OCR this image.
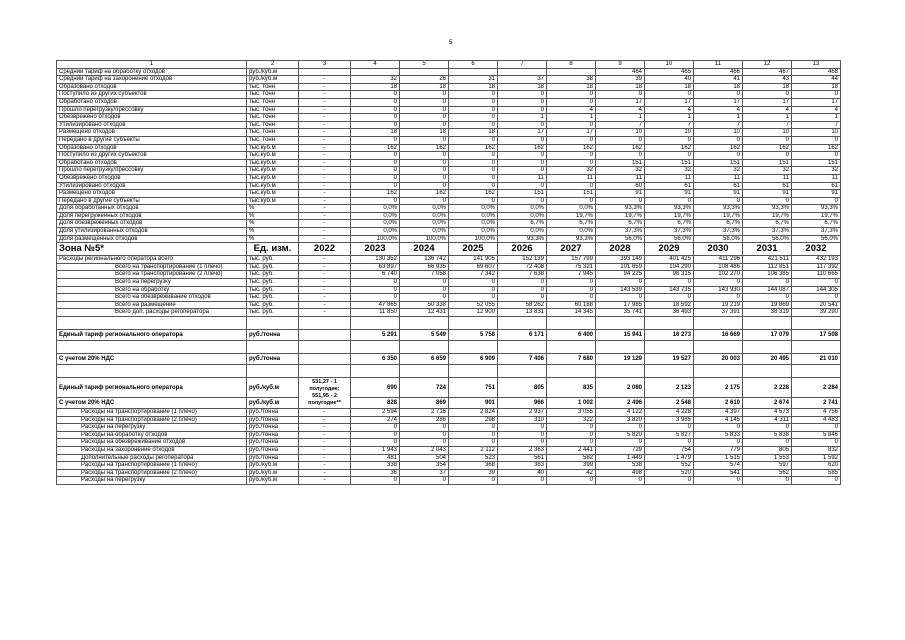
5
1	2	3	4	5	6	7	8	9	10	11	12	13
Средний тариф на обработку отходов	руб./куб.м							464	465	466	467	468
Средний тариф на захоронение отходов	руб./куб.м	-	32	26	31	37	38	39	40	41	43	44
Образовано отходов	тыс. тонн	-	18	18	18	18	18	18	18	18	18	18
Поступило из других субъектов	тыс. тонн	-	0	0	0	0	0	0	0	0	0	0
Обработано отходов	тыс. тонн	-	0	0	0	0	0	17	17	17	17	17
Прошло перегрузку/прессовку	тыс. тонн	-	0	0	0	0	4	4	4	4	4	4
Обезврежено отходов	тыс. тонн	-	0	0	0	1	1	1	1	1	1	1
Утилизировано отходов	тыс. тонн	-	0	0	0	0	0	7	7	7	7	7
Размещено отходов	тыс. тонн	-	18	18	18	17	17	10	10	10	10	10
Передано в другие субъекты	тыс. тонн	-	0	0	0	0	0	0	0	0	0	0
Образовано отходов	тыс.куб.м	-	162	162	162	162	162	162	162	162	162	162
Поступило из других субъектов	тыс.куб.м	-	0	0	0	0	0	0	0	0	0	0
Обработано отходов	тыс.куб.м	-	0	0	0	0	0	151	151	151	151	151
Прошло перегрузку/прессовку	тыс.куб.м	-	0	0	0	0	32	32	32	32	32	32
Обезврежено отходов	тыс.куб.м	-	0	0	0	11	11	11	11	11	11	11
Утилизировано отходов	тыс.куб.м	-	0	0	0	0	0	60	61	61	61	61
Размещено отходов	тыс.куб.м	-	162	162	162	151	151	91	91	91	91	91
Передано в другие субъекты	тыс.куб.м	-	0	0	0	0	0	0	0	0	0	0
Доля обработанных отходов	%	-	0,0%	0,0%	0,0%	0,0%	0,0%	93,3%	93,3%	93,3%	93,3%	93,3%
Доля перегруженных отходов	%	-	0,0%	0,0%	0,0%	0,0%	19,7%	19,7%	19,7%	19,7%	19,7%	19,7%
Доля обезвреженных отходов	%	-	0,0%	0,0%	0,0%	6,7%	6,7%	6,7%	6,7%	6,7%	6,7%	6,7%
Доля утилизированных отходов	%	-	0,0%	0,0%	0,0%	0,0%	0,0%	37,3%	37,3%	37,3%	37,3%	37,3%
Доля размещенных отходов	%	-	100,0%	100,0%	100,0%	93,3%	93,3%	56,0%	56,0%	56,0%	56,0%	56,0%
Зона №5*	Ед. изм.	2022	2023	2024	2025	2026	2027	2028	2029	2030	2031	2032
Расходы регионального оператора всего	тыс. руб.	-	130 352	136 742	141 905	152 139	157 799	393 149	401 425	411 296	421 511	432 193
Всего на транспортирование (1 плечо)	тыс. руб.	-	63 897	66 935	69 607	72 408	75 321	101 659	104 290	108 486	112 851	117 392
Всего на транспортирование (2 плечо)	тыс. руб.	-	6 740	7 058	7 342	7 638	7 945	94 225	98 315	102 270	106 385	110 665
Всего на перегрузку	тыс. руб.	-	0	0	0	0	0	0	0	0	0	0
Всего на обработку	тыс. руб.	-	0	0	0	0	0	143 539	143 735	143 930	144 087	144 305
Всего на обезвреживание отходов	тыс. руб.	-	0	0	0	0	0	0	0	0	0	0
Всего на размещение	тыс. руб.	-	47 865	50 338	52 055	58 262	60 188	17 985	18 592	19 219	19 869	20 541
Всего доп. расходы регоператора	тыс. руб.	-	11 850	12 431	12 900	13 831	14 345	35 741	36 493	37 391	38 319	39 290

Единый тариф регионального оператора	руб./тонна		5 291	5 549	5 758	6 171	6 400	15 941	16 273	16 669	17 079	17 508

С учетом 20% НДС	руб./тонна		6 350	6 659	6 909	7 406	7 680	19 129	19 527	20 003	20 495	21 010

Единый тариф регионального оператора	руб./куб.м	531,27 - 1 полугодие; 551,95 - 2 полугодие**	690	724	751	805	835	2 080	2 123	2 175	2 228	2 284
С учетом 20% НДС	руб./куб.м		828	869	901	966	1 002	2 496	2 548	2 610	2 674	2 741
Расходы на транспортирование (1 плечо)	руб./тонна	-	2 594	2 716	2 824	2 937	3 055	4 122	4 228	4 397	4 573	4 756
Расходы на транспортирование (2 плечо)	руб./тонна	-	274	286	298	310	322	3 820	3 985	4 145	4 311	4 483
Расходы на перегрузку	руб./тонна	-	0	0	0	0	0	0	0	0	0	0
Расходы на обработку отходов	руб./тонна	-	0	0	0	0	0	5 820	5 827	5 833	5 838	5 846
Расходы на обезвреживание отходов	руб./тонна	-	0	0	0	0	0	0	0	0	0	0
Расходы на захоронение отходов	руб./тонна	-	1 943	2 043	2 112	2 363	2 441	729	754	779	805	832
Дополнительные расходы регоператора	руб./тонна	-	481	504	523	561	582	1 449	1 479	1 515	1 553	1 592
Расходы на транспортирование (1 плечо)	руб./куб.м	-	338	354	368	383	399	538	552	574	597	620
Расходы на транспортирование (2 плечо)	руб./куб.м	-	36	37	39	40	42	498	520	541	562	585
Расходы на перегрузку	руб./куб.м	-	0	0	0	0	0	0	0	0	0	0
